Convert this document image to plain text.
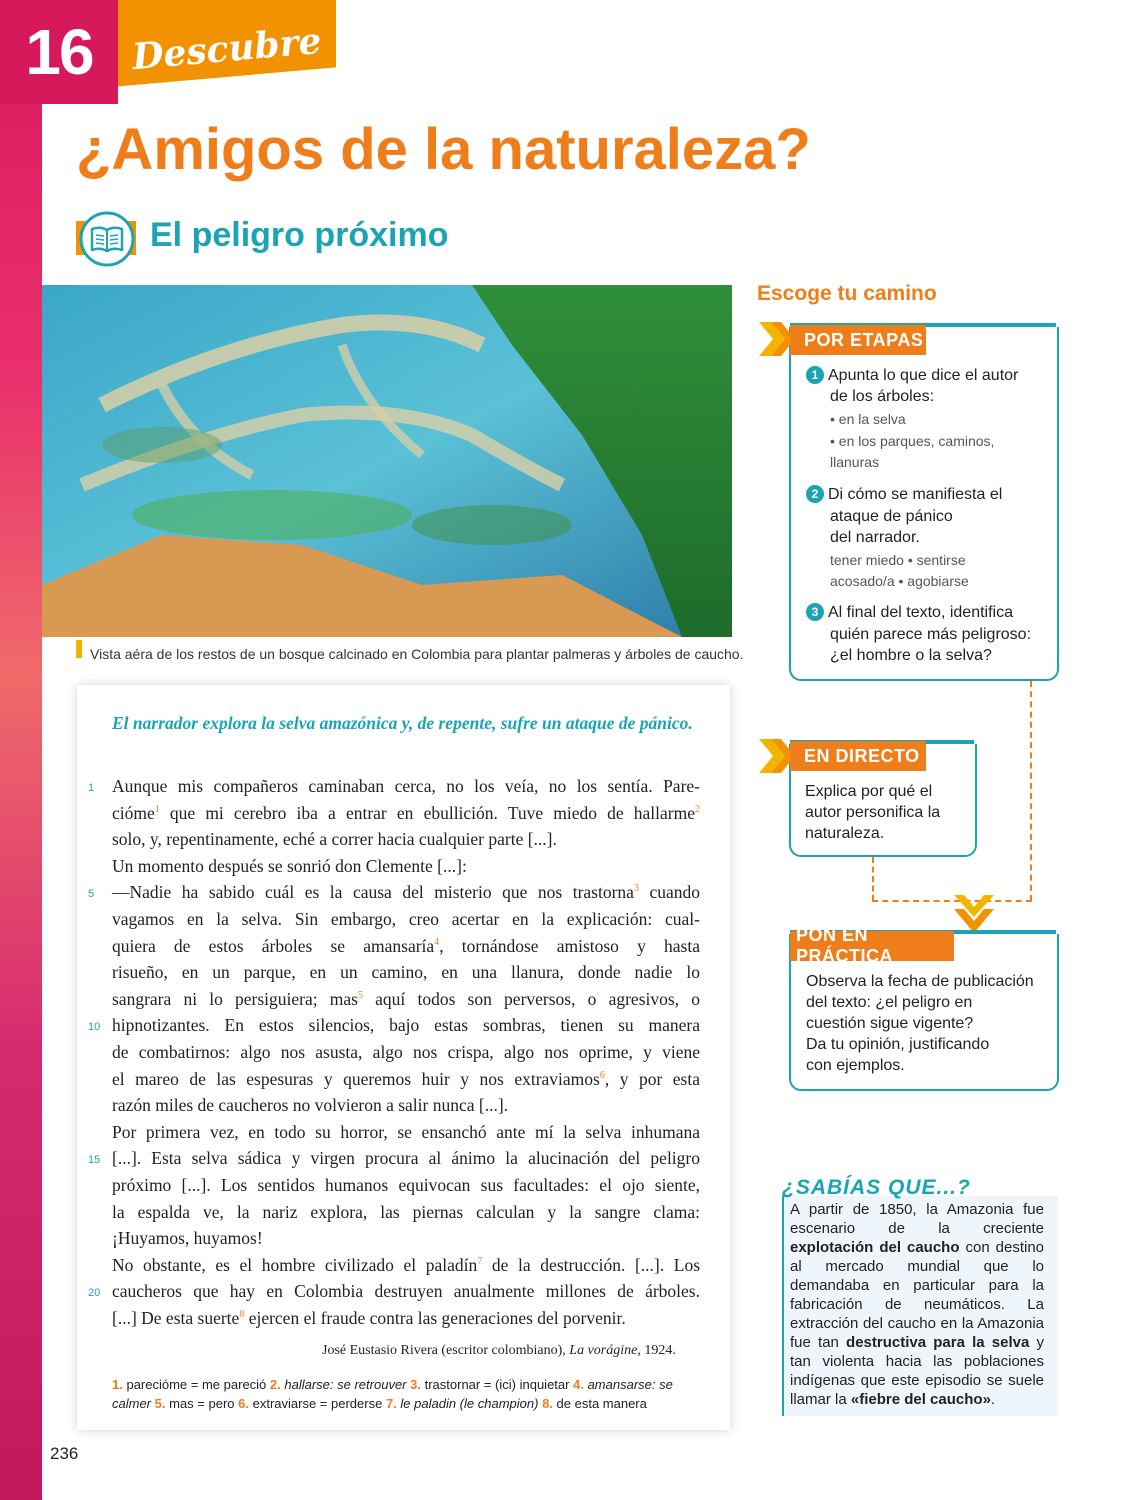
Descubre
16
¿Amigos de la naturaleza?
El peligro próximo
Vista aéra de los restos de un bosque calcinado en Colombia para plantar palmeras y árboles de caucho.
El narrador explora la selva amazónica y, de repente, sufre un ataque de pánico.
1 Aunque mis compañeros caminaban cerca, no los veía, no los sentía. Pare-
cióme$^1$ que mi cerebro iba a entrar en ebullición. Tuve miedo de hallarme$^2$
solo, y, repentinamente, eché a correr hacia cualquier parte [...].
Un momento después se sonrió don Clemente [...]:
5 —Nadie ha sabido cuál es la causa del misterio que nos trastorna$^3$ cuando
vagamos en la selva. Sin embargo, creo acertar en la explicación: cual-
quiera de estos árboles se amansaría$^4$, tornándose amistoso y hasta
risueño, en un parque, en un camino, en una llanura, donde nadie lo
sangrara ni lo persiguiera; mas$^5$ aquí todos son perversos, o agresivos, o
10 hipnotizantes. En estos silencios, bajo estas sombras, tienen su manera
de combatirnos: algo nos asusta, algo nos crispa, algo nos oprime, y viene
el mareo de las espesuras y queremos huir y nos extraviamos$^6$, y por esta
razón miles de caucheros no volvieron a salir nunca [...].
Por primera vez, en todo su horror, se ensanchó ante mí la selva inhumana
15 [...]. Esta selva sádica y virgen procura al ánimo la alucinación del peligro
próximo [...]. Los sentidos humanos equivocan sus facultades: el ojo siente,
la espalda ve, la nariz explora, las piernas calculan y la sangre clama:
¡Huyamos, huyamos!
No obstante, es el hombre civilizado el paladín$^7$ de la destrucción. [...]. Los
20 caucheros que hay en Colombia destruyen anualmente millones de árboles.
[...] De esta suerte$^8$ ejercen el fraude contra las generaciones del porvenir.
José Eustasio Rivera (escritor colombiano), La vorágine, 1924.
1. parecióme = me pareció 2. hallarse: se retrouver 3. trastornar = (ici) inquietar 4. amansarse: se calmer 5. mas = pero 6. extraviarse = perderse 7. le paladin (le champion) 8. de esta manera
236
Escoge tu camino
POR ETAPAS
1 Apunta lo que dice el autor
de los árboles:
• en la selva
• en los parques, caminos,
llanuras
2 Di cómo se manifiesta el
ataque de pánico
del narrador.
tener miedo • sentirse
acosado/a • agobiarse
3 Al final del texto, identifica
quién parece más peligroso:
¿el hombre o la selva?
EN DIRECTO
Explica por qué el
autor personifica la
naturaleza.
PON EN PRÁCTICA
Observa la fecha de publicación
del texto: ¿el peligro en
cuestión sigue vigente?
Da tu opinión, justificando
con ejemplos.
¿SABÍAS QUE...?
A partir de 1850, la Amazonia fue escenario de la creciente explotación del caucho con destino al mercado mundial que lo demandaba en particular para la fabricación de neumáticos. La extracción del caucho en la Amazonia fue tan destructiva para la selva y tan violenta hacia las poblaciones indígenas que este episodio se suele llamar la «fiebre del caucho».
